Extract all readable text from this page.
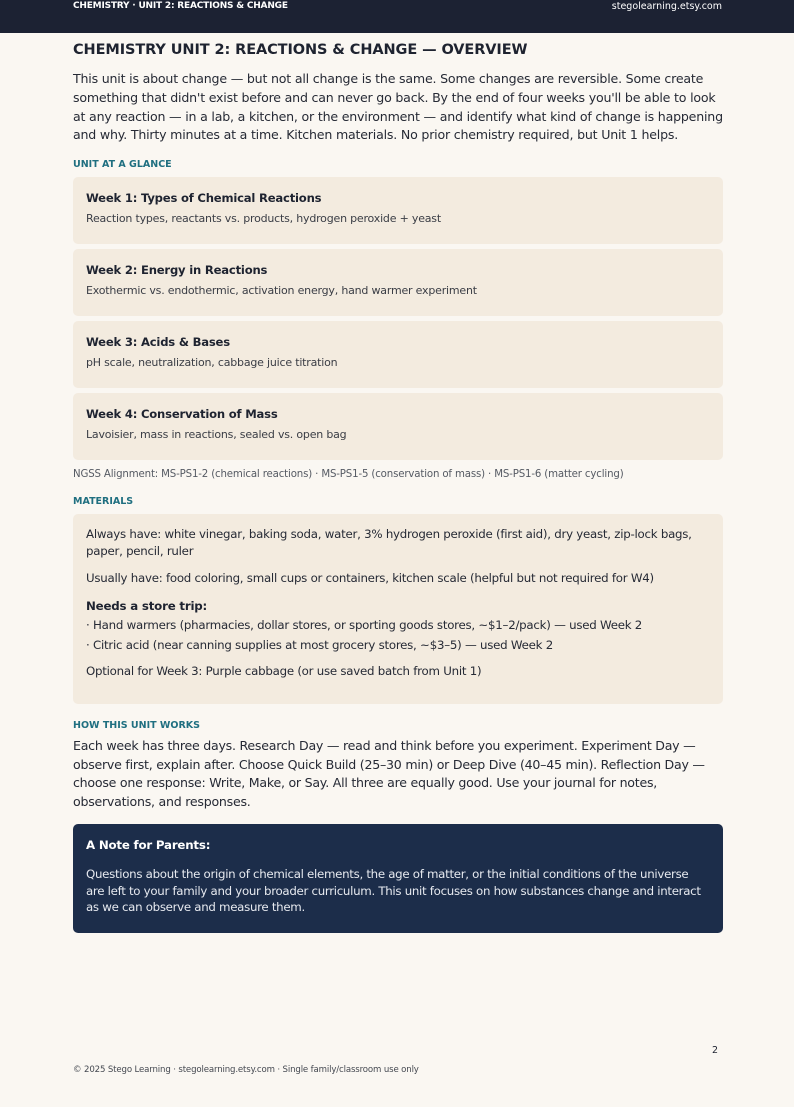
CHEMISTRY · UNIT 2: REACTIONS & CHANGE	stegolearning.etsy.com
CHEMISTRY UNIT 2: REACTIONS & CHANGE — OVERVIEW

This unit is about change — but not all change is the same. Some changes are reversible. Some create something that didn't exist before and can never go back. By the end of four weeks you'll be able to look at any reaction — in a lab, a kitchen, or the environment — and identify what kind of change is happening and why. Thirty minutes at a time. Kitchen materials. No prior chemistry required, but Unit 1 helps.

UNIT AT A GLANCE
Week 1: Types of Chemical Reactions
Reaction types, reactants vs. products, hydrogen peroxide + yeast
Week 2: Energy in Reactions
Exothermic vs. endothermic, activation energy, hand warmer experiment
Week 3: Acids & Bases
pH scale, neutralization, cabbage juice titration
Week 4: Conservation of Mass
Lavoisier, mass in reactions, sealed vs. open bag
NGSS Alignment: MS-PS1-2 (chemical reactions) · MS-PS1-5 (conservation of mass) · MS-PS1-6 (matter cycling)
MATERIALS

Always have: white vinegar, baking soda, water, 3% hydrogen peroxide (first aid), dry yeast, zip-lock bags, paper, pencil, ruler

Usually have: food coloring, small cups or containers, kitchen scale (helpful but not required for W4)

Needs a store trip:

· Hand warmers (pharmacies, dollar stores, or sporting goods stores, ~$1–2/pack) — used Week 2

· Citric acid (near canning supplies at most grocery stores, ~$3–5) — used Week 2

Optional for Week 3: Purple cabbage (or use saved batch from Unit 1)

HOW THIS UNIT WORKS

Each week has three days. Research Day — read and think before you experiment. Experiment Day — observe first, explain after. Choose Quick Build (25–30 min) or Deep Dive (40–45 min). Reflection Day — choose one response: Write, Make, or Say. All three are equally good. Use your journal for notes, observations, and responses.

A Note for Parents:

Questions about the origin of chemical elements, the age of matter, or the initial conditions of the universe are left to your family and your broader curriculum. This unit focuses on how substances change and interact as we can observe and measure them.

2
© 2025 Stego Learning · stegolearning.etsy.com · Single family/classroom use only
